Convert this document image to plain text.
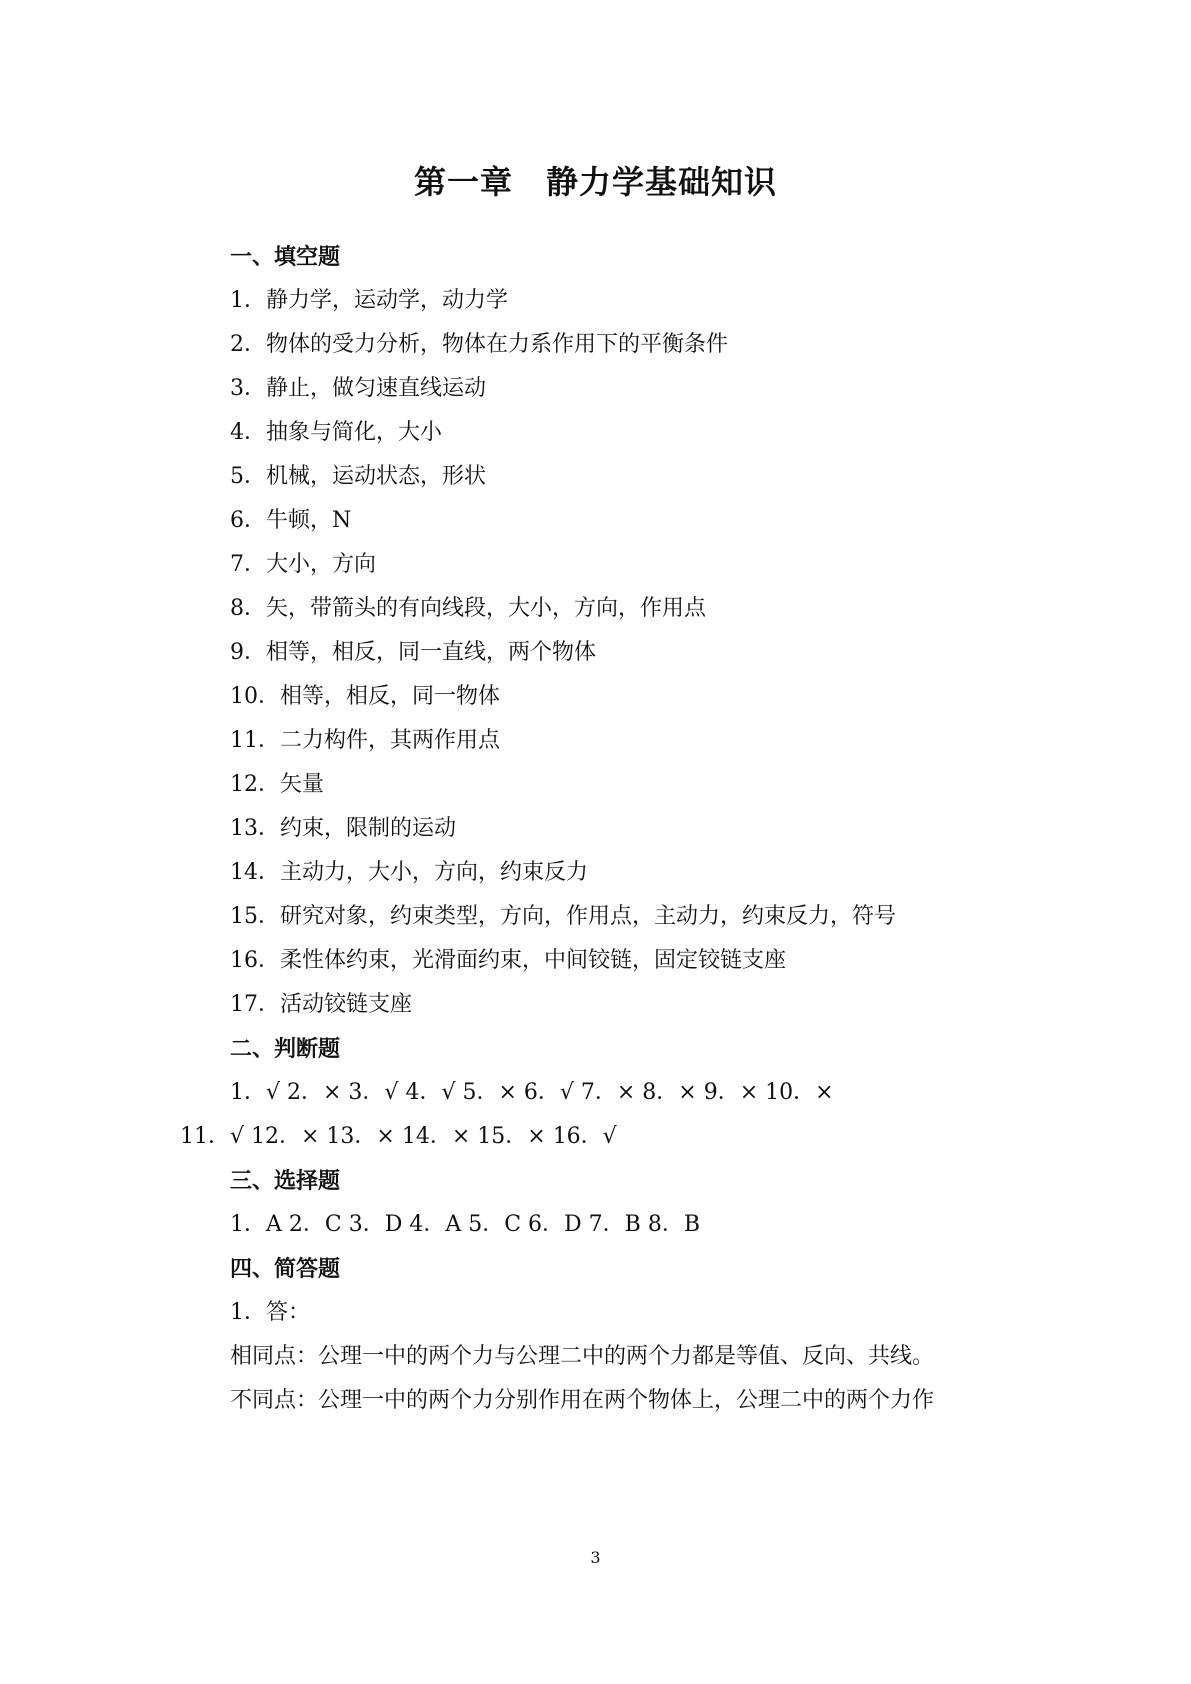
第一章　静力学基础知识
一、填空题
1．静力学，运动学，动力学
2．物体的受力分析，物体在力系作用下的平衡条件
3．静止，做匀速直线运动
4．抽象与简化，大小
5．机械，运动状态，形状
6．牛顿，N
7．大小，方向
8．矢，带箭头的有向线段，大小，方向，作用点
9．相等，相反，同一直线，两个物体
10．相等，相反，同一物体
11．二力构件，其两作用点
12．矢量
13．约束，限制的运动
14．主动力，大小，方向，约束反力
15．研究对象，约束类型，方向，作用点，主动力，约束反力，符号
16．柔性体约束，光滑面约束，中间铰链，固定铰链支座
17．活动铰链支座
二、判断题
1．√ 2．× 3．√ 4．√ 5．× 6．√ 7．× 8．× 9．× 10．×
11．√ 12．× 13．× 14．× 15．× 16．√
三、选择题
1．A 2．C 3．D 4．A 5．C 6．D 7．B 8．B
四、简答题
1．答：
相同点：公理一中的两个力与公理二中的两个力都是等值、反向、共线。
不同点：公理一中的两个力分别作用在两个物体上，公理二中的两个力作
3
